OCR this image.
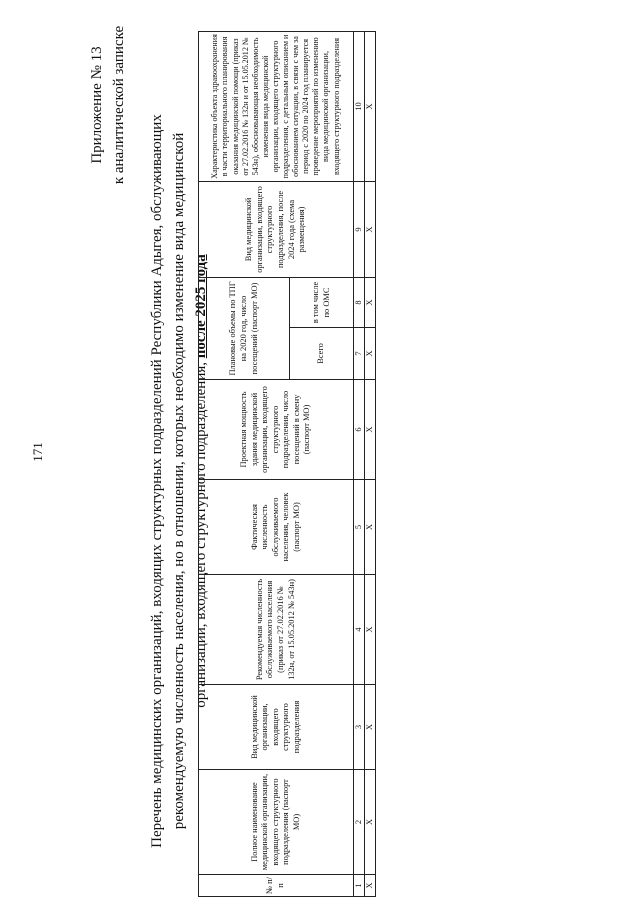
171
Приложение № 13 к аналитической записке
Перечень медицинских организаций, входящих структурных подразделений Республики Адыгея, обслуживающих рекомендуемую численность населения, но в отношении, которых необходимо изменение вида медицинской организации, входящего структурного подразделения, после 2025 года
№ п/п	Полное наименование медицинской организации, входящего структурного подразделения (паспорт МО)	Вид медицинской организации, входящего структурного подразделения	Рекомендуемая численность обслуживаемого населения (приказ от 27.02.2016 № 132н, от 15.05.2012 № 543н)	Фактическая численность обслуживаемого населения, человек (паспорт МО)	Проектная мощность здания медицинской организации, входящего структурного подразделения, число посещений в смену (паспорт МО)	Плановые объемы по ТПГ на 2020 год, число посещений (паспорт МО)		Вид медицинской организации, входящего структурного подразделения, после 2024 года (схема размещения)	Характеристика объекта здравоохранения в части территориального планирования оказания медицинской помощи (приказ от 27.02.2016 № 132н и от 15.05.2012 № 543н), обосновывающая необходимость изменения вида медицинской организации, входящего структурного подразделения, с детальным описанием и обоснованием ситуации, в связи с чем за период с 2020 по 2024 год планируется проведение мероприятий по изменению вида медицинской организации, входящего структурного подразделения
						Всего	в том числе по ОМС		
1	2	3	4	5	6	7	8	9	10
Х	Х	Х	Х	Х	Х	Х	Х	Х	Х
